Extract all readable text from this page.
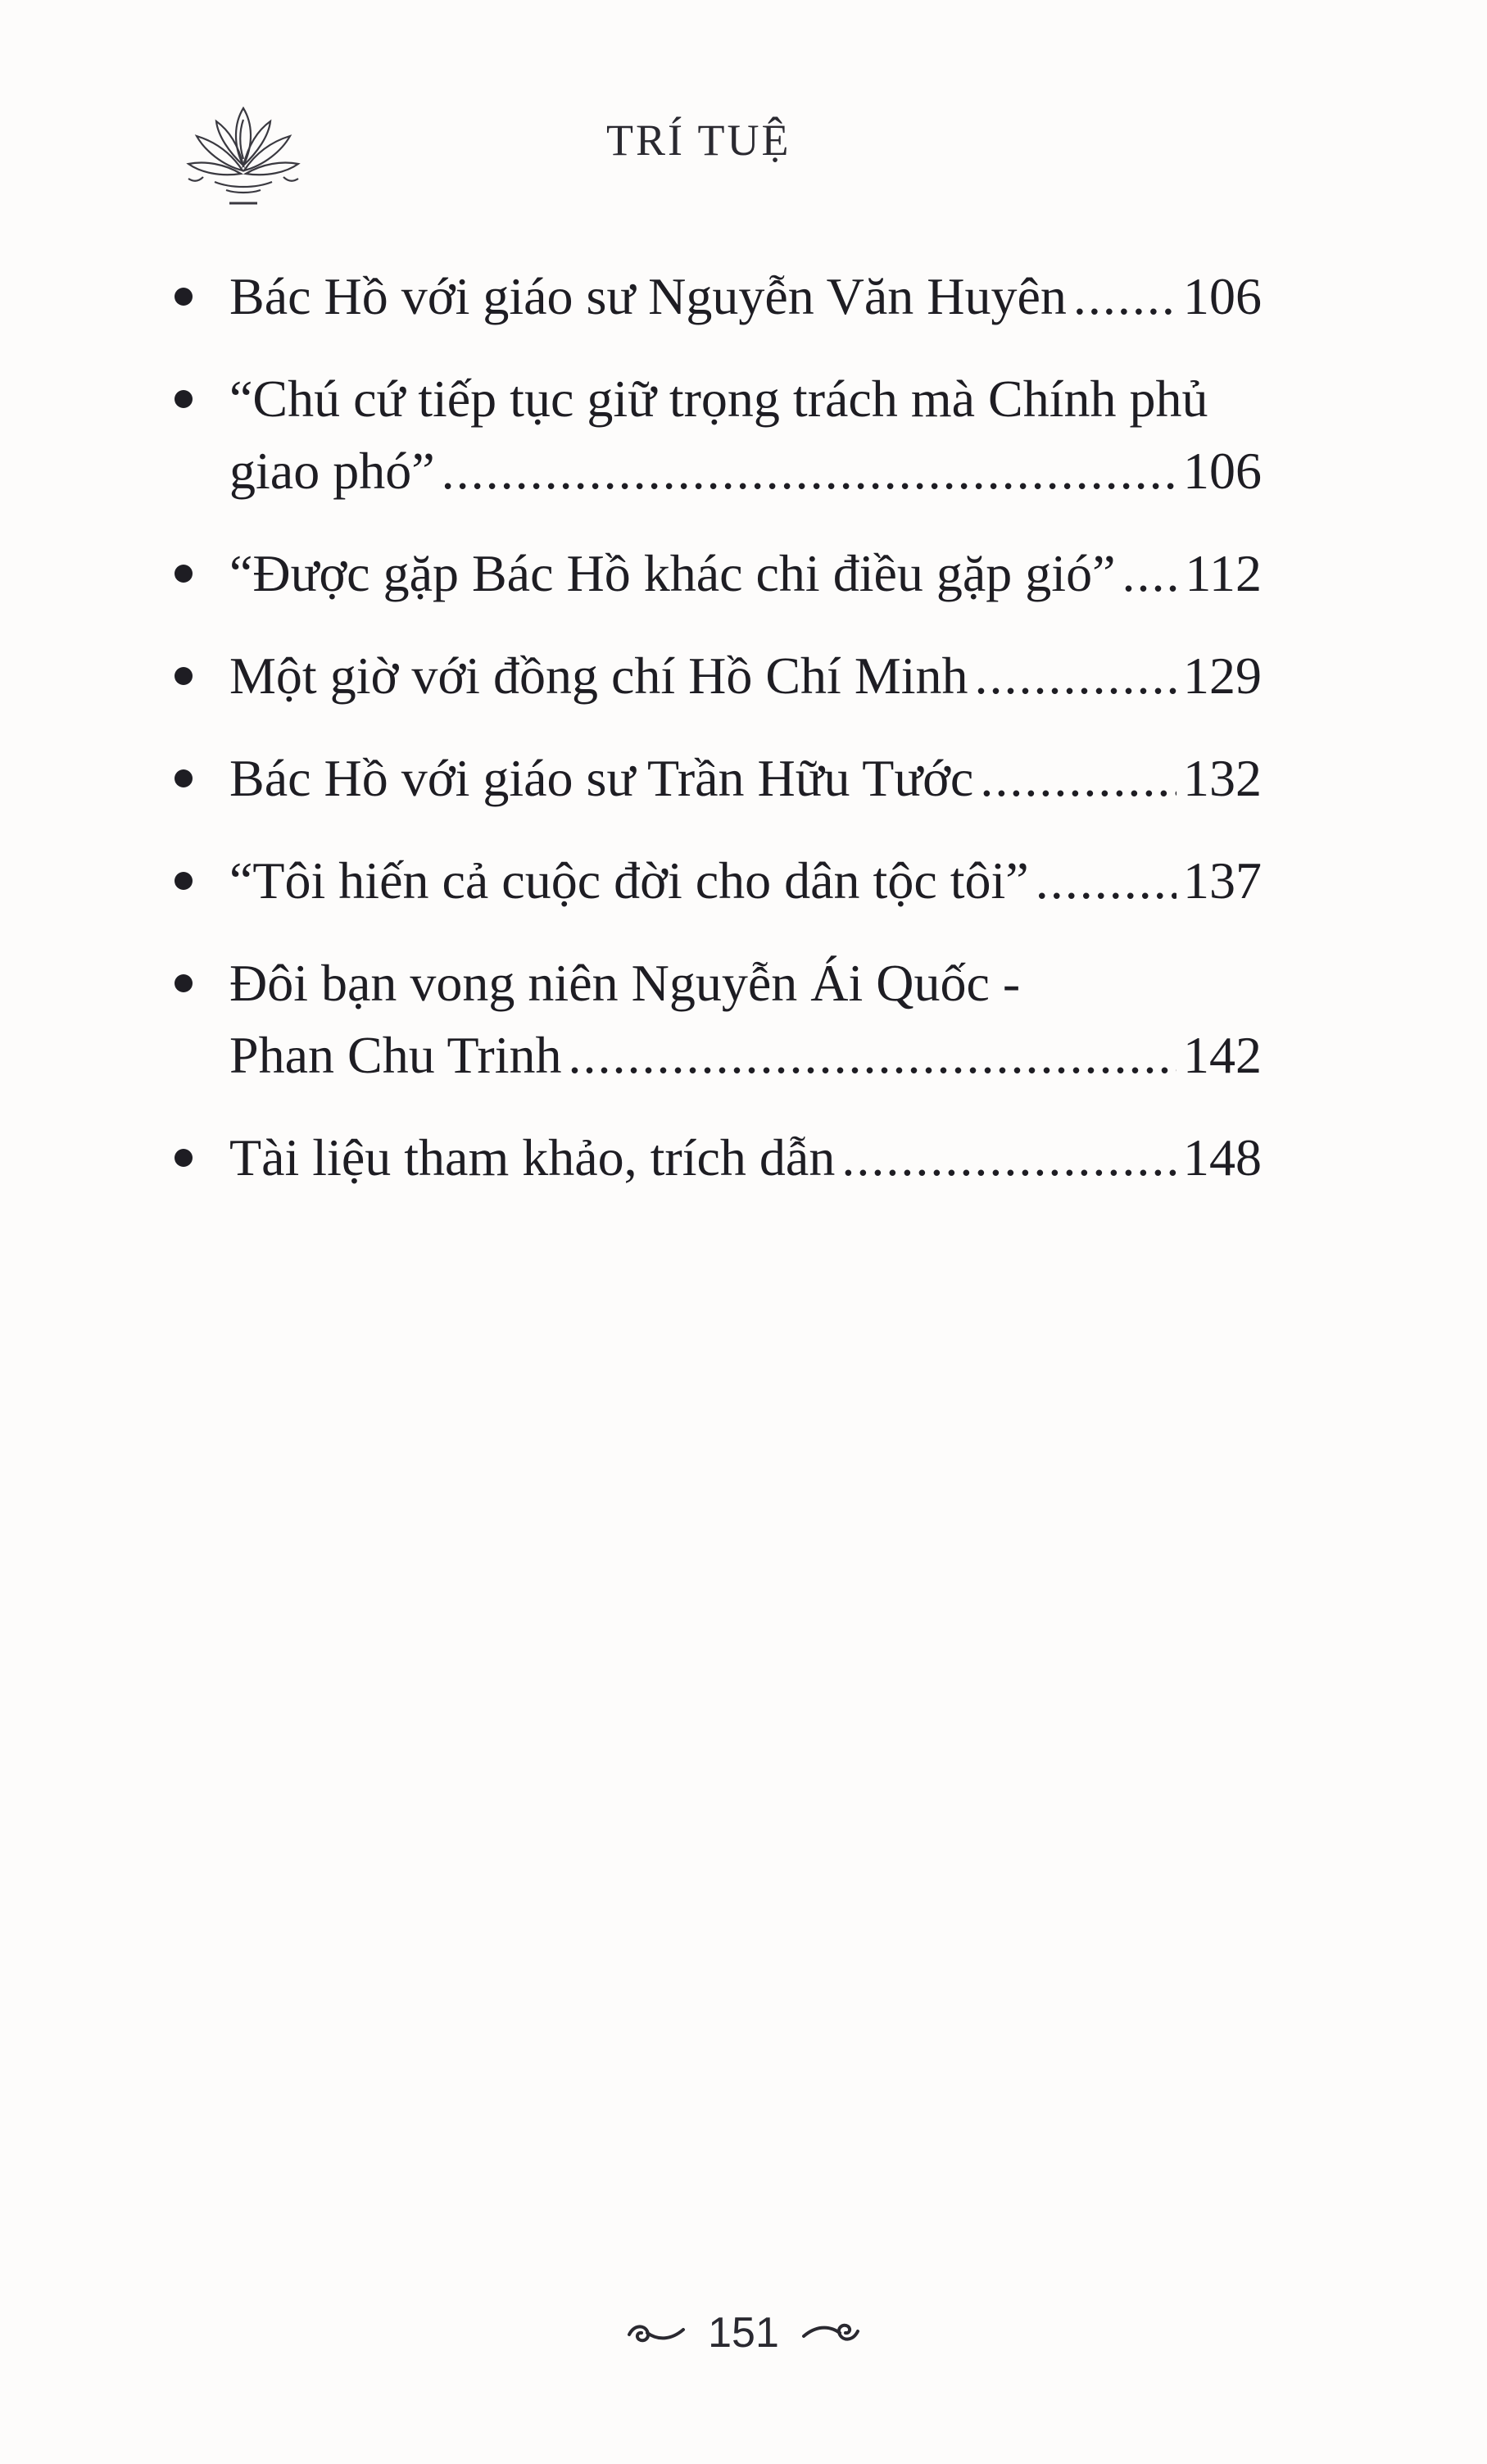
TRÍ TUỆ
Bác Hồ với giáo sư Nguyễn Văn Huyên ..... 106
“Chú cứ tiếp tục giữ trọng trách mà Chính phủ
giao phó” .....	106
“Được gặp Bác Hồ khác chi điều gặp gió” ..... 112
Một giờ với đồng chí Hồ Chí Minh .....	129
Bác Hồ với giáo sư Trần Hữu Tước .....	132
“Tôi hiến cả cuộc đời cho dân tộc tôi” .....	137
Đôi bạn vong niên Nguyễn Ái Quốc -
Phan Chu Trinh .....	142
Tài liệu tham khảo, trích dẫn .....	148
151
